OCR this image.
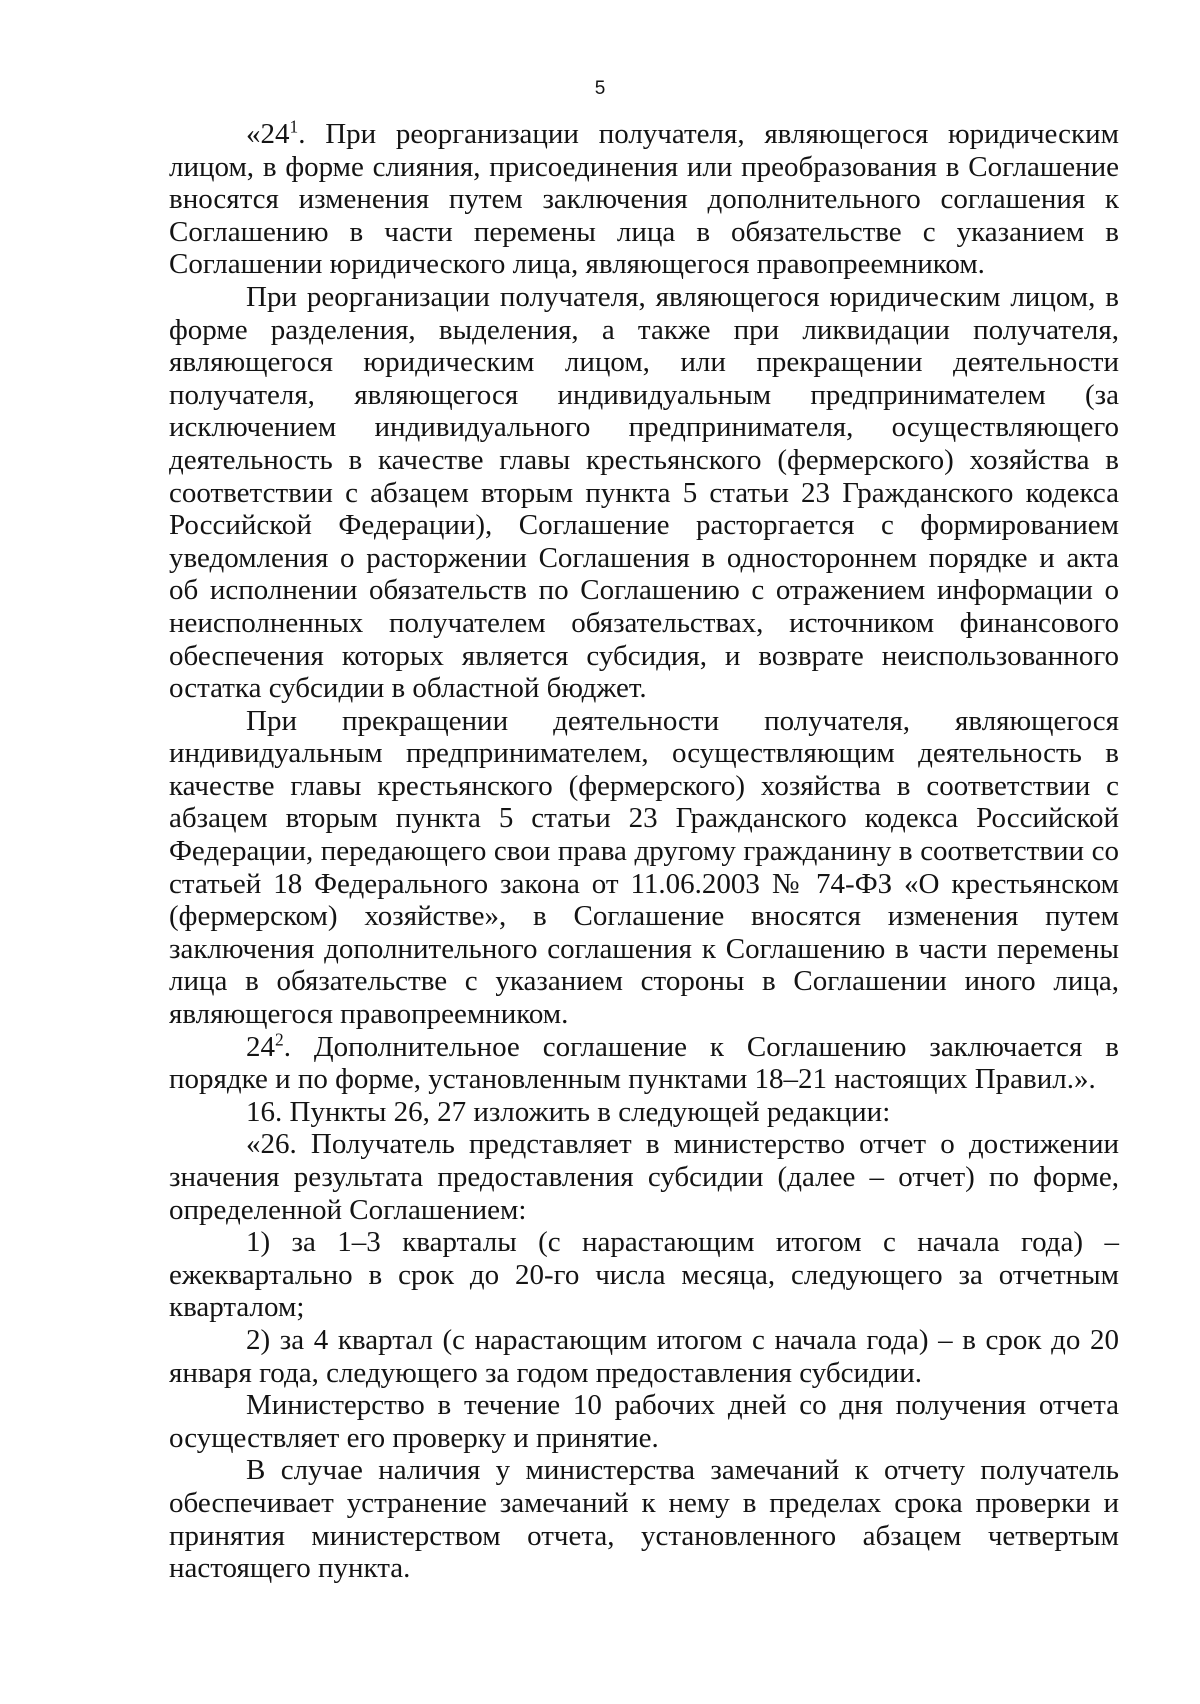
5

«$24^1$. При реорганизации получателя, являющегося юридическим лицом, в форме слияния, присоединения или преобразования в Соглашение вносятся изменения путем заключения дополнительного соглашения к Соглашению в части перемены лица в обязательстве с указанием в Соглашении юридического лица, являющегося правопреемником.

При реорганизации получателя, являющегося юридическим лицом, в форме разделения, выделения, а также при ликвидации получателя, являющегося юридическим лицом, или прекращении деятельности получателя, являющегося индивидуальным предпринимателем (за исключением индивидуального предпринимателя, осуществляющего деятельность в качестве главы крестьянского (фермерского) хозяйства в соответствии с абзацем вторым пункта 5 статьи 23 Гражданского кодекса Российской Федерации), Соглашение расторгается с формированием уведомления о расторжении Соглашения в одностороннем порядке и акта об исполнении обязательств по Соглашению с отражением информации о неисполненных получателем обязательствах, источником финансового обеспечения которых является субсидия, и возврате неиспользованного остатка субсидии в областной бюджет.

При прекращении деятельности получателя, являющегося индивидуальным предпринимателем, осуществляющим деятельность в качестве главы крестьянского (фермерского) хозяйства в соответствии с абзацем вторым пункта 5 статьи 23 Гражданского кодекса Российской Федерации, передающего свои права другому гражданину в соответствии со статьей 18 Федерального закона от 11.06.2003 № 74-ФЗ «О крестьянском (фермерском) хозяйстве», в Соглашение вносятся изменения путем заключения дополнительного соглашения к Соглашению в части перемены лица в обязательстве с указанием стороны в Соглашении иного лица, являющегося правопреемником.

$24^2$. Дополнительное соглашение к Соглашению заключается в порядке и по форме, установленным пунктами 18–21 настоящих Правил.».

16. Пункты 26, 27 изложить в следующей редакции:

«26. Получатель представляет в министерство отчет о достижении значения результата предоставления субсидии (далее – отчет) по форме, определенной Соглашением:

1) за 1–3 кварталы (с нарастающим итогом с начала года) – ежеквартально в срок до 20-го числа месяца, следующего за отчетным кварталом;

2) за 4 квартал (с нарастающим итогом с начала года) – в срок до 20 января года, следующего за годом предоставления субсидии.

Министерство в течение 10 рабочих дней со дня получения отчета осуществляет его проверку и принятие.

В случае наличия у министерства замечаний к отчету получатель обеспечивает устранение замечаний к нему в пределах срока проверки и принятия министерством отчета, установленного абзацем четвертым настоящего пункта.
